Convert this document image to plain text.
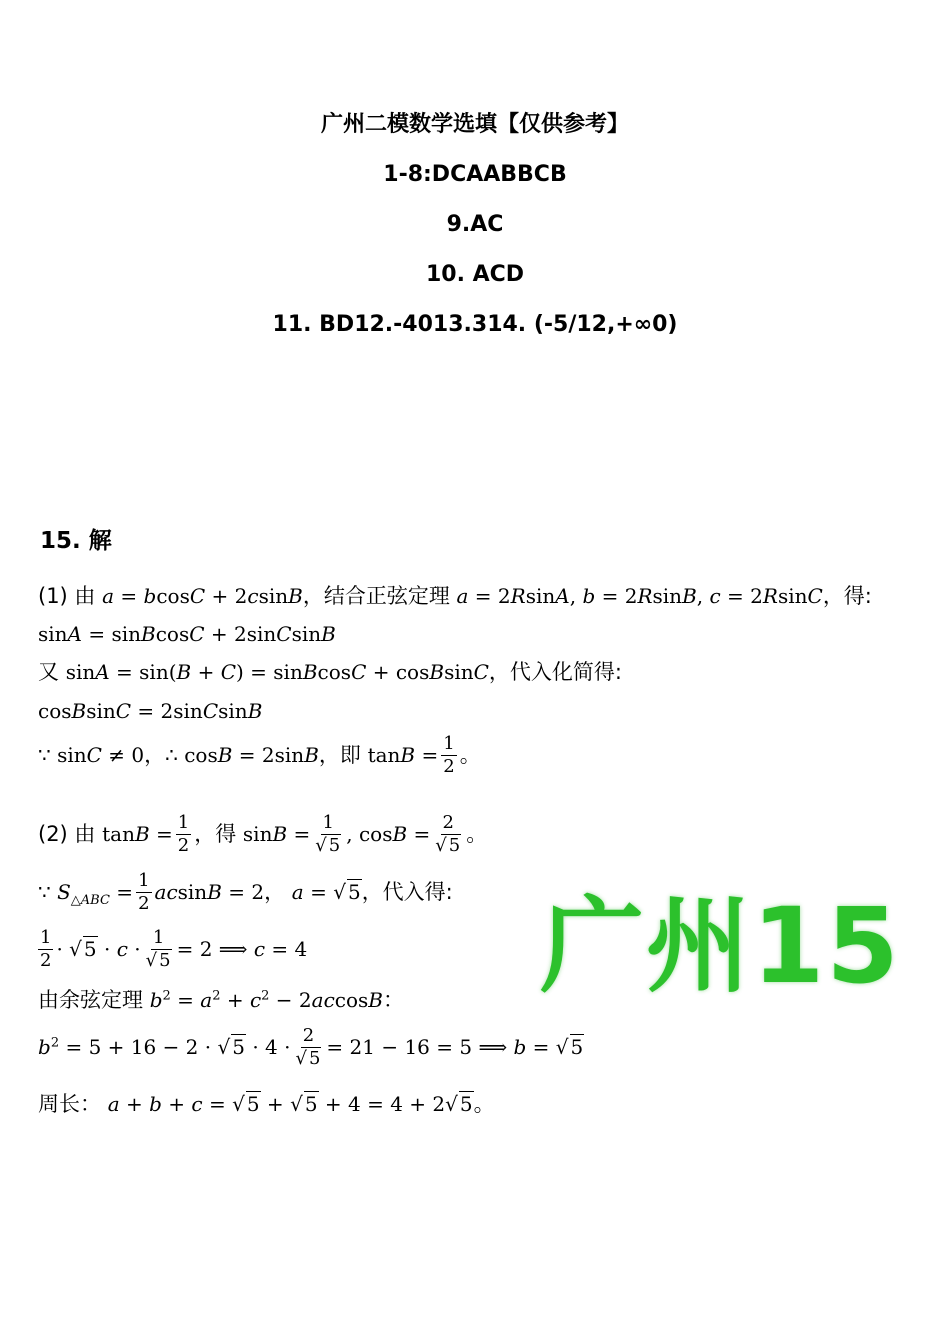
广州二模数学选填【仅供参考】
1-8:DCAABBCB
9.AC
10. ACD
11. BD12.-4013.314. (-5/12,+∞0)
15. 解
(1) 由
a = bcosC + 2csinB ，结合正弦定理
a = 2RsinA, b = 2RsinB, c = 2RsinC ，得:
sinA = sinBcosC + 2sinCsinB
又
sinA = sin(B + C) = sinBcosC + cosBsinC ，代入化简得:
cosBsinC = 2sinCsinB
∵ sinC ≠ 0 ， ∴ cosB = 2sinB ，即
$\tan B = \frac{1}{2}$ 。
(2) 由
$\tan B = \frac{1}{2}$ ，得
$\sin B = \frac{1}{√ 5}$ , $\cos B = \frac{2}{√ 5}$ 。
∵ $S_{\triangle ABC} = \frac{1}{2}$ acsinB = 2 ，
a = √ 5 ，代入得:
$\frac{1}{2}$ · √ $5 \cdot c \cdot \frac{1}{√ 5} = 2$ ⟹ c = 4
由余弦定理
$b^2 = a^2 + c^2 - 2accosB$ ：
$b^2 = 5 + 16 - 2$ · √ $5 \cdot 4 \cdot \frac{2}{√ 5} = 21 - 16 = 5$ ⟹ b = √ 5
周长：
a + b + c = √ 5 + √ 5 + 4 = 4 + 2√ 5 。
广州15
